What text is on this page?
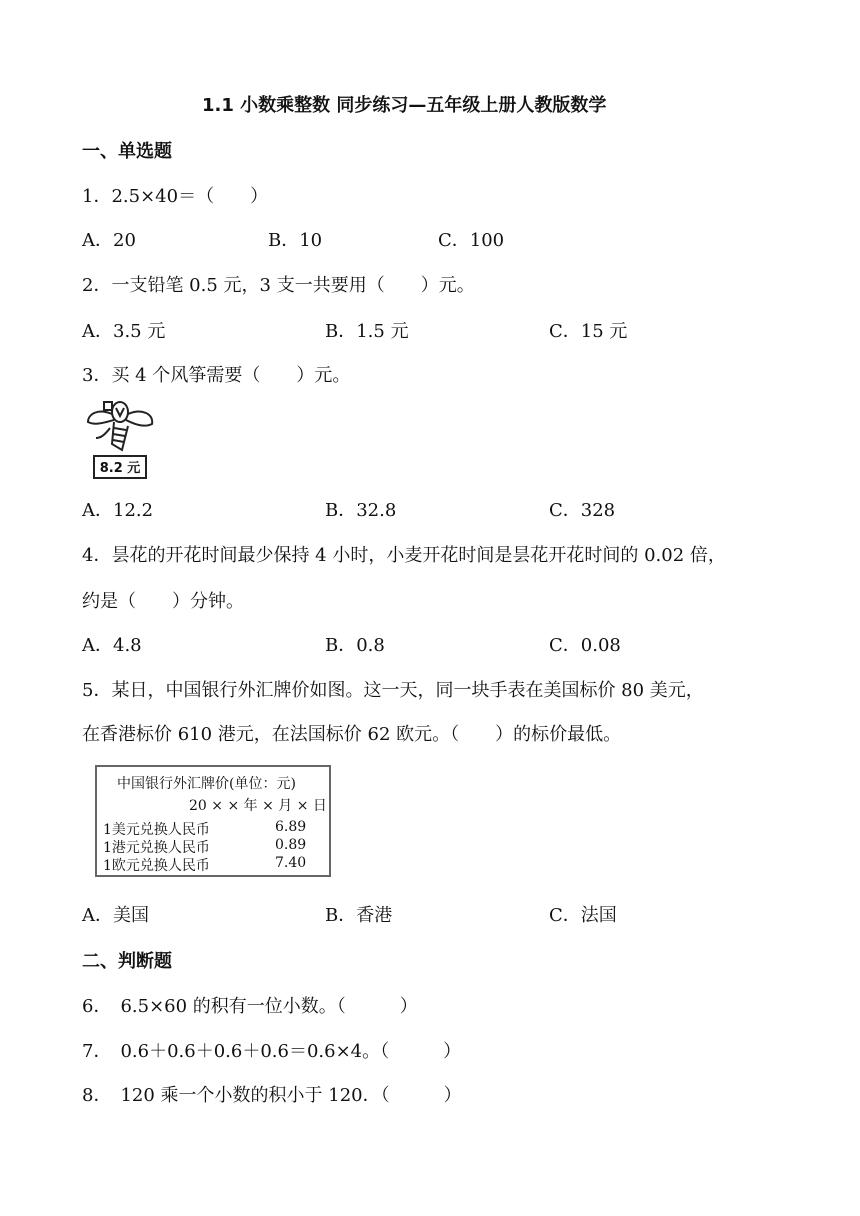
1.1 小数乘整数 同步练习—五年级上册人教版数学
一、单选题
1．2.5×40＝（　　）
A．20	B．10	C．100
2．一支铅笔 0.5 元，3 支一共要用（　　）元。
A．3.5 元	B．1.5 元	C．15 元
3．买 4 个风筝需要（　　）元。
8.2 元
A．12.2	B．32.8	C．328
4．昙花的开花时间最少保持 4 小时，小麦开花时间是昙花开花时间的 0.02 倍，
约是（　　）分钟。
A．4.8	B．0.8	C．0.08
5．某日，中国银行外汇牌价如图。这一天，同一块手表在美国标价 80 美元，
在香港标价 610 港元，在法国标价 62 欧元。（　　）的标价最低。
中国银行外汇牌价(单位：元)
20 × × 年 × 月 × 日
1美元兑换人民币	6.89
1港元兑换人民币	0.89
1欧元兑换人民币	7.40
A．美国	B．香港	C．法国
二、判断题
6．　6.5×60 的积有一位小数。（　　　）
7．　0.6＋0.6＋0.6＋0.6＝0.6×4。（　　　）
8．　120 乘一个小数的积小于 120．（　　　）
